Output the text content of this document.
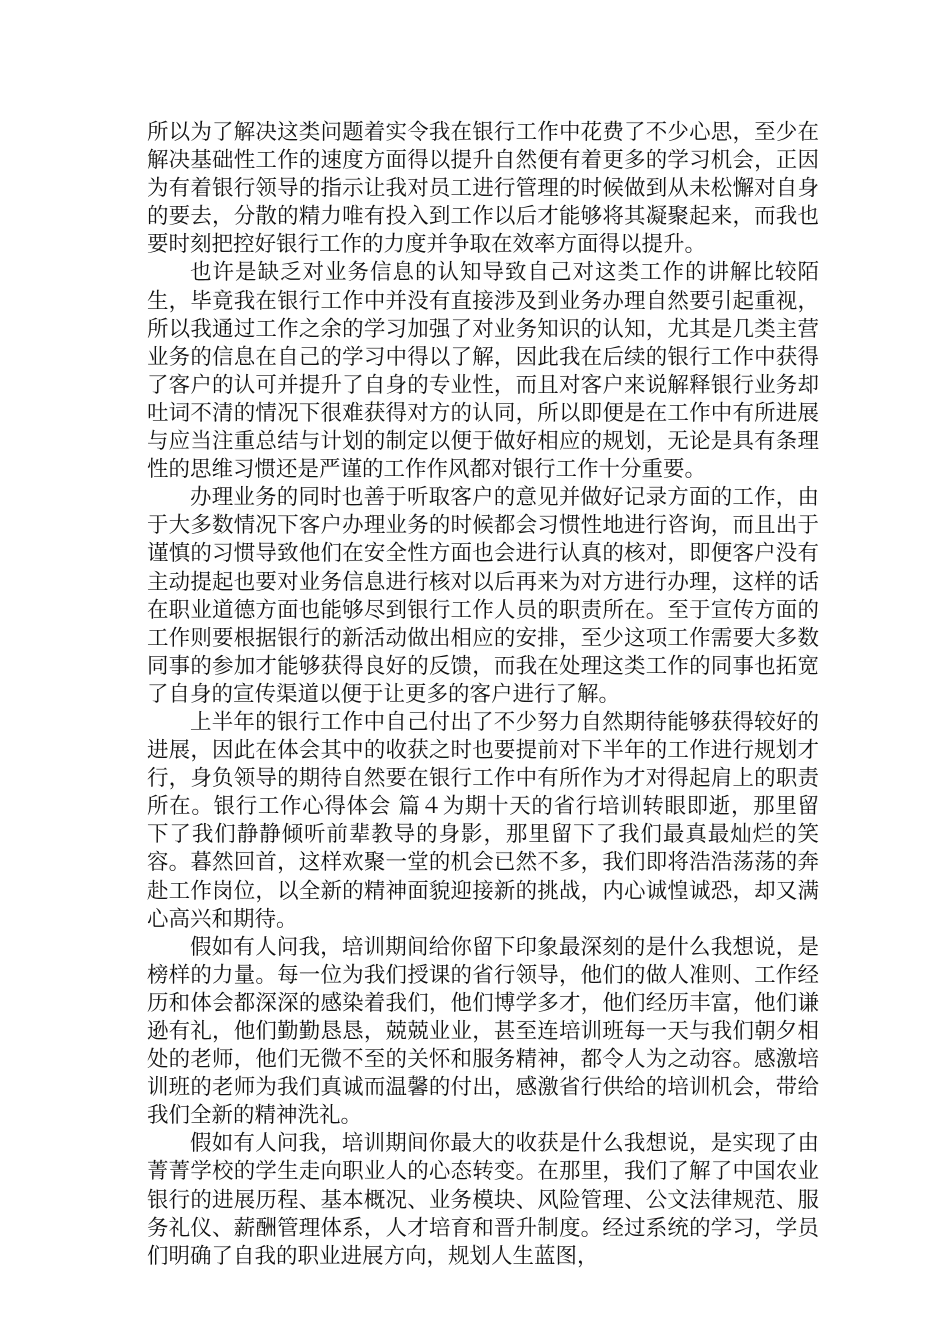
所以为了解决这类问题着实令我在银行工作中花费了不少心思，至少在解决基础性工作的速度方面得以提升自然便有着更多的学习机会，正因为有着银行领导的指示让我对员工进行管理的时候做到从未松懈对自身的要去，分散的精力唯有投入到工作以后才能够将其凝聚起来，而我也要时刻把控好银行工作的力度并争取在效率方面得以提升。

也许是缺乏对业务信息的认知导致自己对这类工作的讲解比较陌生，毕竟我在银行工作中并没有直接涉及到业务办理自然要引起重视，所以我通过工作之余的学习加强了对业务知识的认知，尤其是几类主营业务的信息在自己的学习中得以了解，因此我在后续的银行工作中获得了客户的认可并提升了自身的专业性，而且对客户来说解释银行业务却吐词不清的情况下很难获得对方的认同，所以即便是在工作中有所进展与应当注重总结与计划的制定以便于做好相应的规划，无论是具有条理性的思维习惯还是严谨的工作作风都对银行工作十分重要。

办理业务的同时也善于听取客户的意见并做好记录方面的工作，由于大多数情况下客户办理业务的时候都会习惯性地进行咨询，而且出于谨慎的习惯导致他们在安全性方面也会进行认真的核对，即便客户没有主动提起也要对业务信息进行核对以后再来为对方进行办理，这样的话在职业道德方面也能够尽到银行工作人员的职责所在。至于宣传方面的工作则要根据银行的新活动做出相应的安排，至少这项工作需要大多数同事的参加才能够获得良好的反馈，而我在处理这类工作的同事也拓宽了自身的宣传渠道以便于让更多的客户进行了解。

上半年的银行工作中自己付出了不少努力自然期待能够获得较好的进展，因此在体会其中的收获之时也要提前对下半年的工作进行规划才行，身负领导的期待自然要在银行工作中有所作为才对得起肩上的职责所在。银行工作心得体会 篇４为期十天的省行培训转眼即逝，那里留下了我们静静倾听前辈教导的身影，那里留下了我们最真最灿烂的笑容。暮然回首，这样欢聚一堂的机会已然不多，我们即将浩浩荡荡的奔赴工作岗位，以全新的精神面貌迎接新的挑战，内心诚惶诚恐，却又满心高兴和期待。

假如有人问我，培训期间给你留下印象最深刻的是什么我想说，是榜样的力量。每一位为我们授课的省行领导，他们的做人准则、工作经历和体会都深深的感染着我们，他们博学多才，他们经历丰富，他们谦逊有礼，他们勤勤恳恳，兢兢业业，甚至连培训班每一天与我们朝夕相处的老师，他们无微不至的关怀和服务精神，都令人为之动容。感激培训班的老师为我们真诚而温馨的付出，感激省行供给的培训机会，带给我们全新的精神洗礼。

假如有人问我，培训期间你最大的收获是什么我想说，是实现了由菁菁学校的学生走向职业人的心态转变。在那里，我们了解了中国农业银行的进展历程、基本概况、业务模块、风险管理、公文法律规范、服务礼仪、薪酬管理体系，人才培育和晋升制度。经过系统的学习，学员们明确了自我的职业进展方向，规划人生蓝图，
